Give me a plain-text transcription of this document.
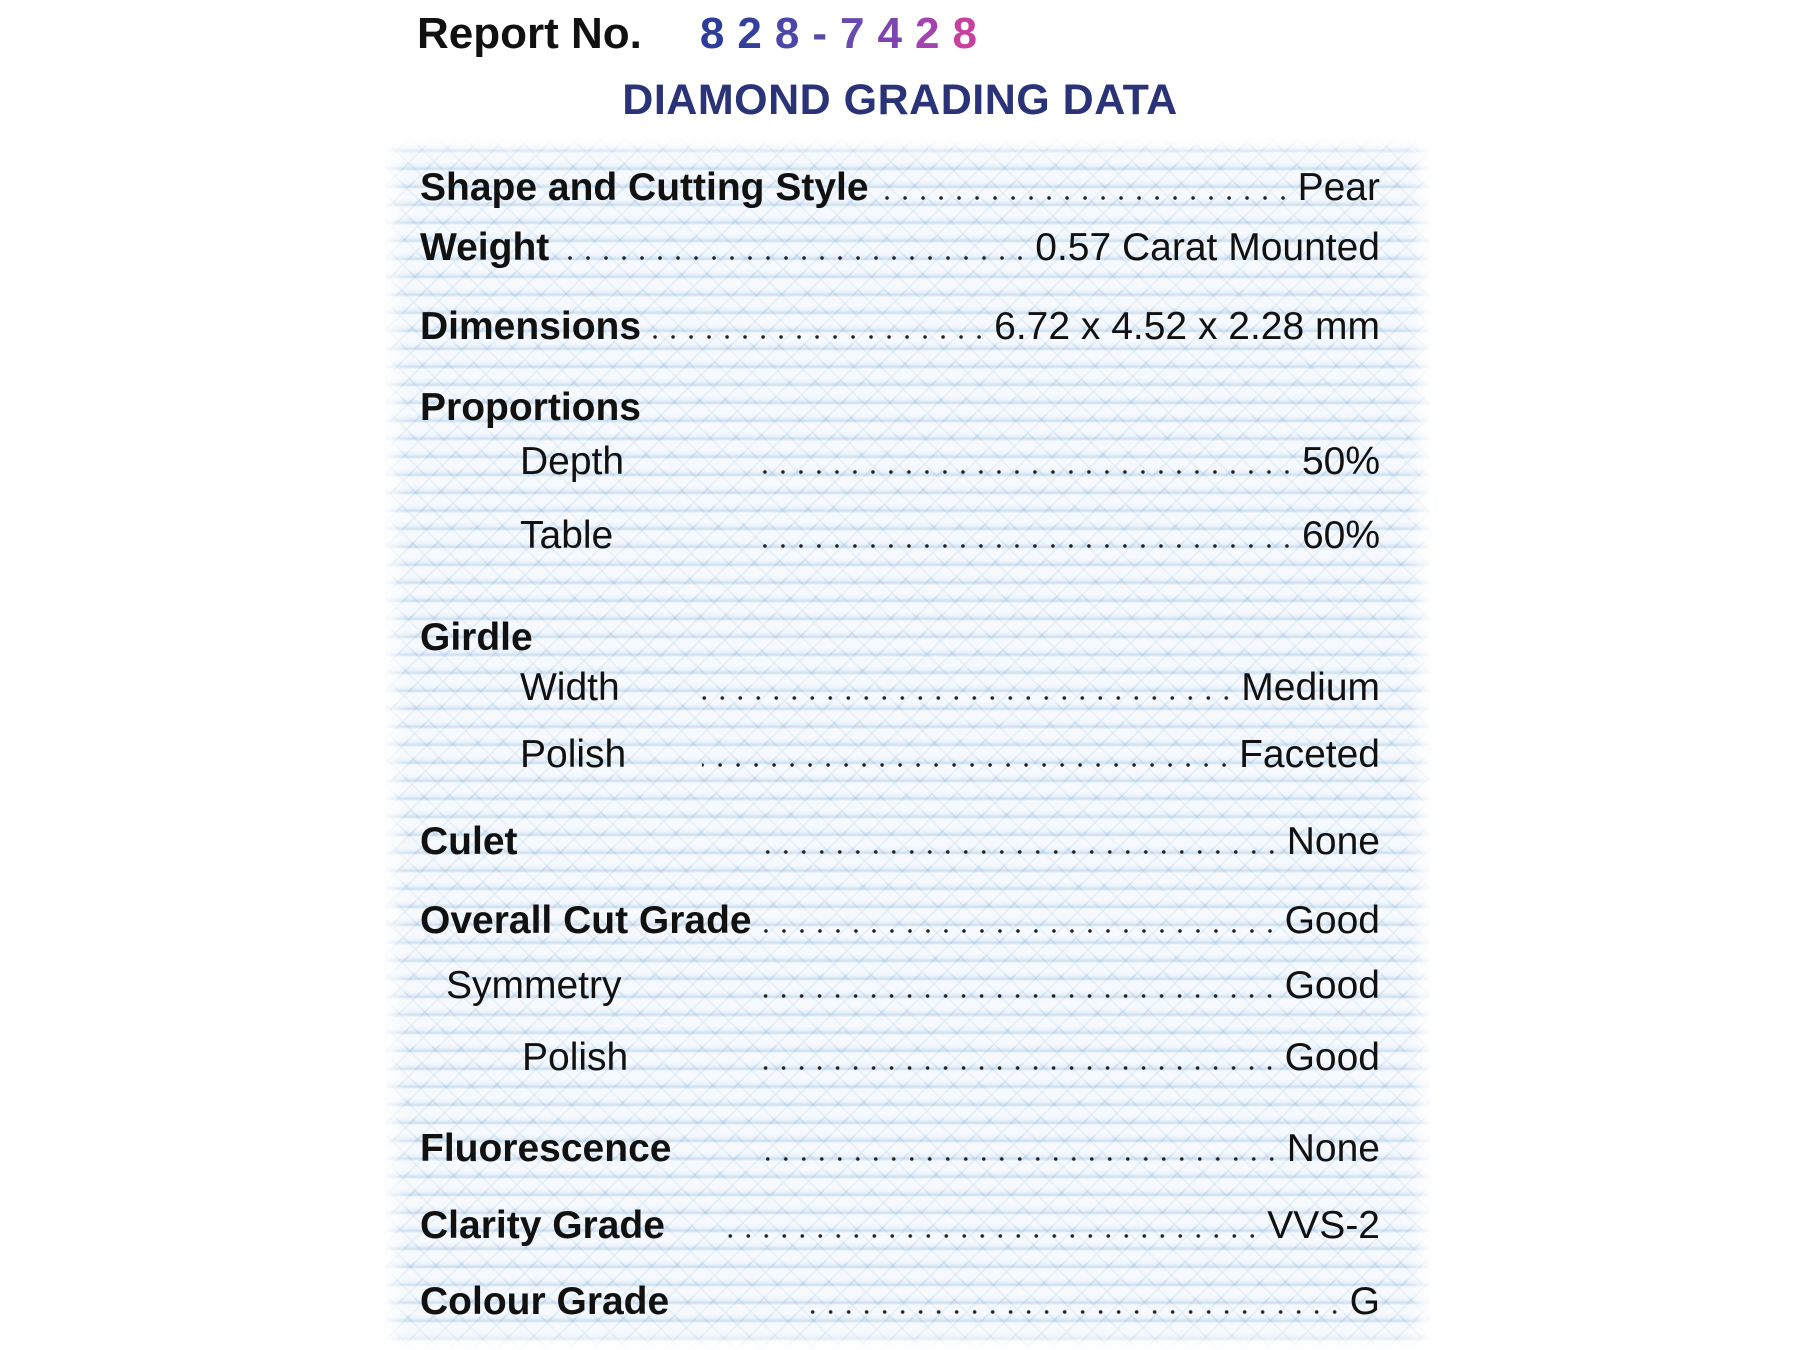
Report No. 828-7428
DIAMOND GRADING DATA
Shape and Cutting Style	Pear
Weight	0.57 Carat Mounted
Dimensions	6.72 x 4.52 x 2.28 mm
Proportions
Depth	50%
Table	60%
Girdle
Width	Medium
Polish	Faceted
Culet	None
Overall Cut Grade	Good
Symmetry	Good
Polish	Good
Fluorescence	None
Clarity Grade	VVS-2
Colour Grade	G
